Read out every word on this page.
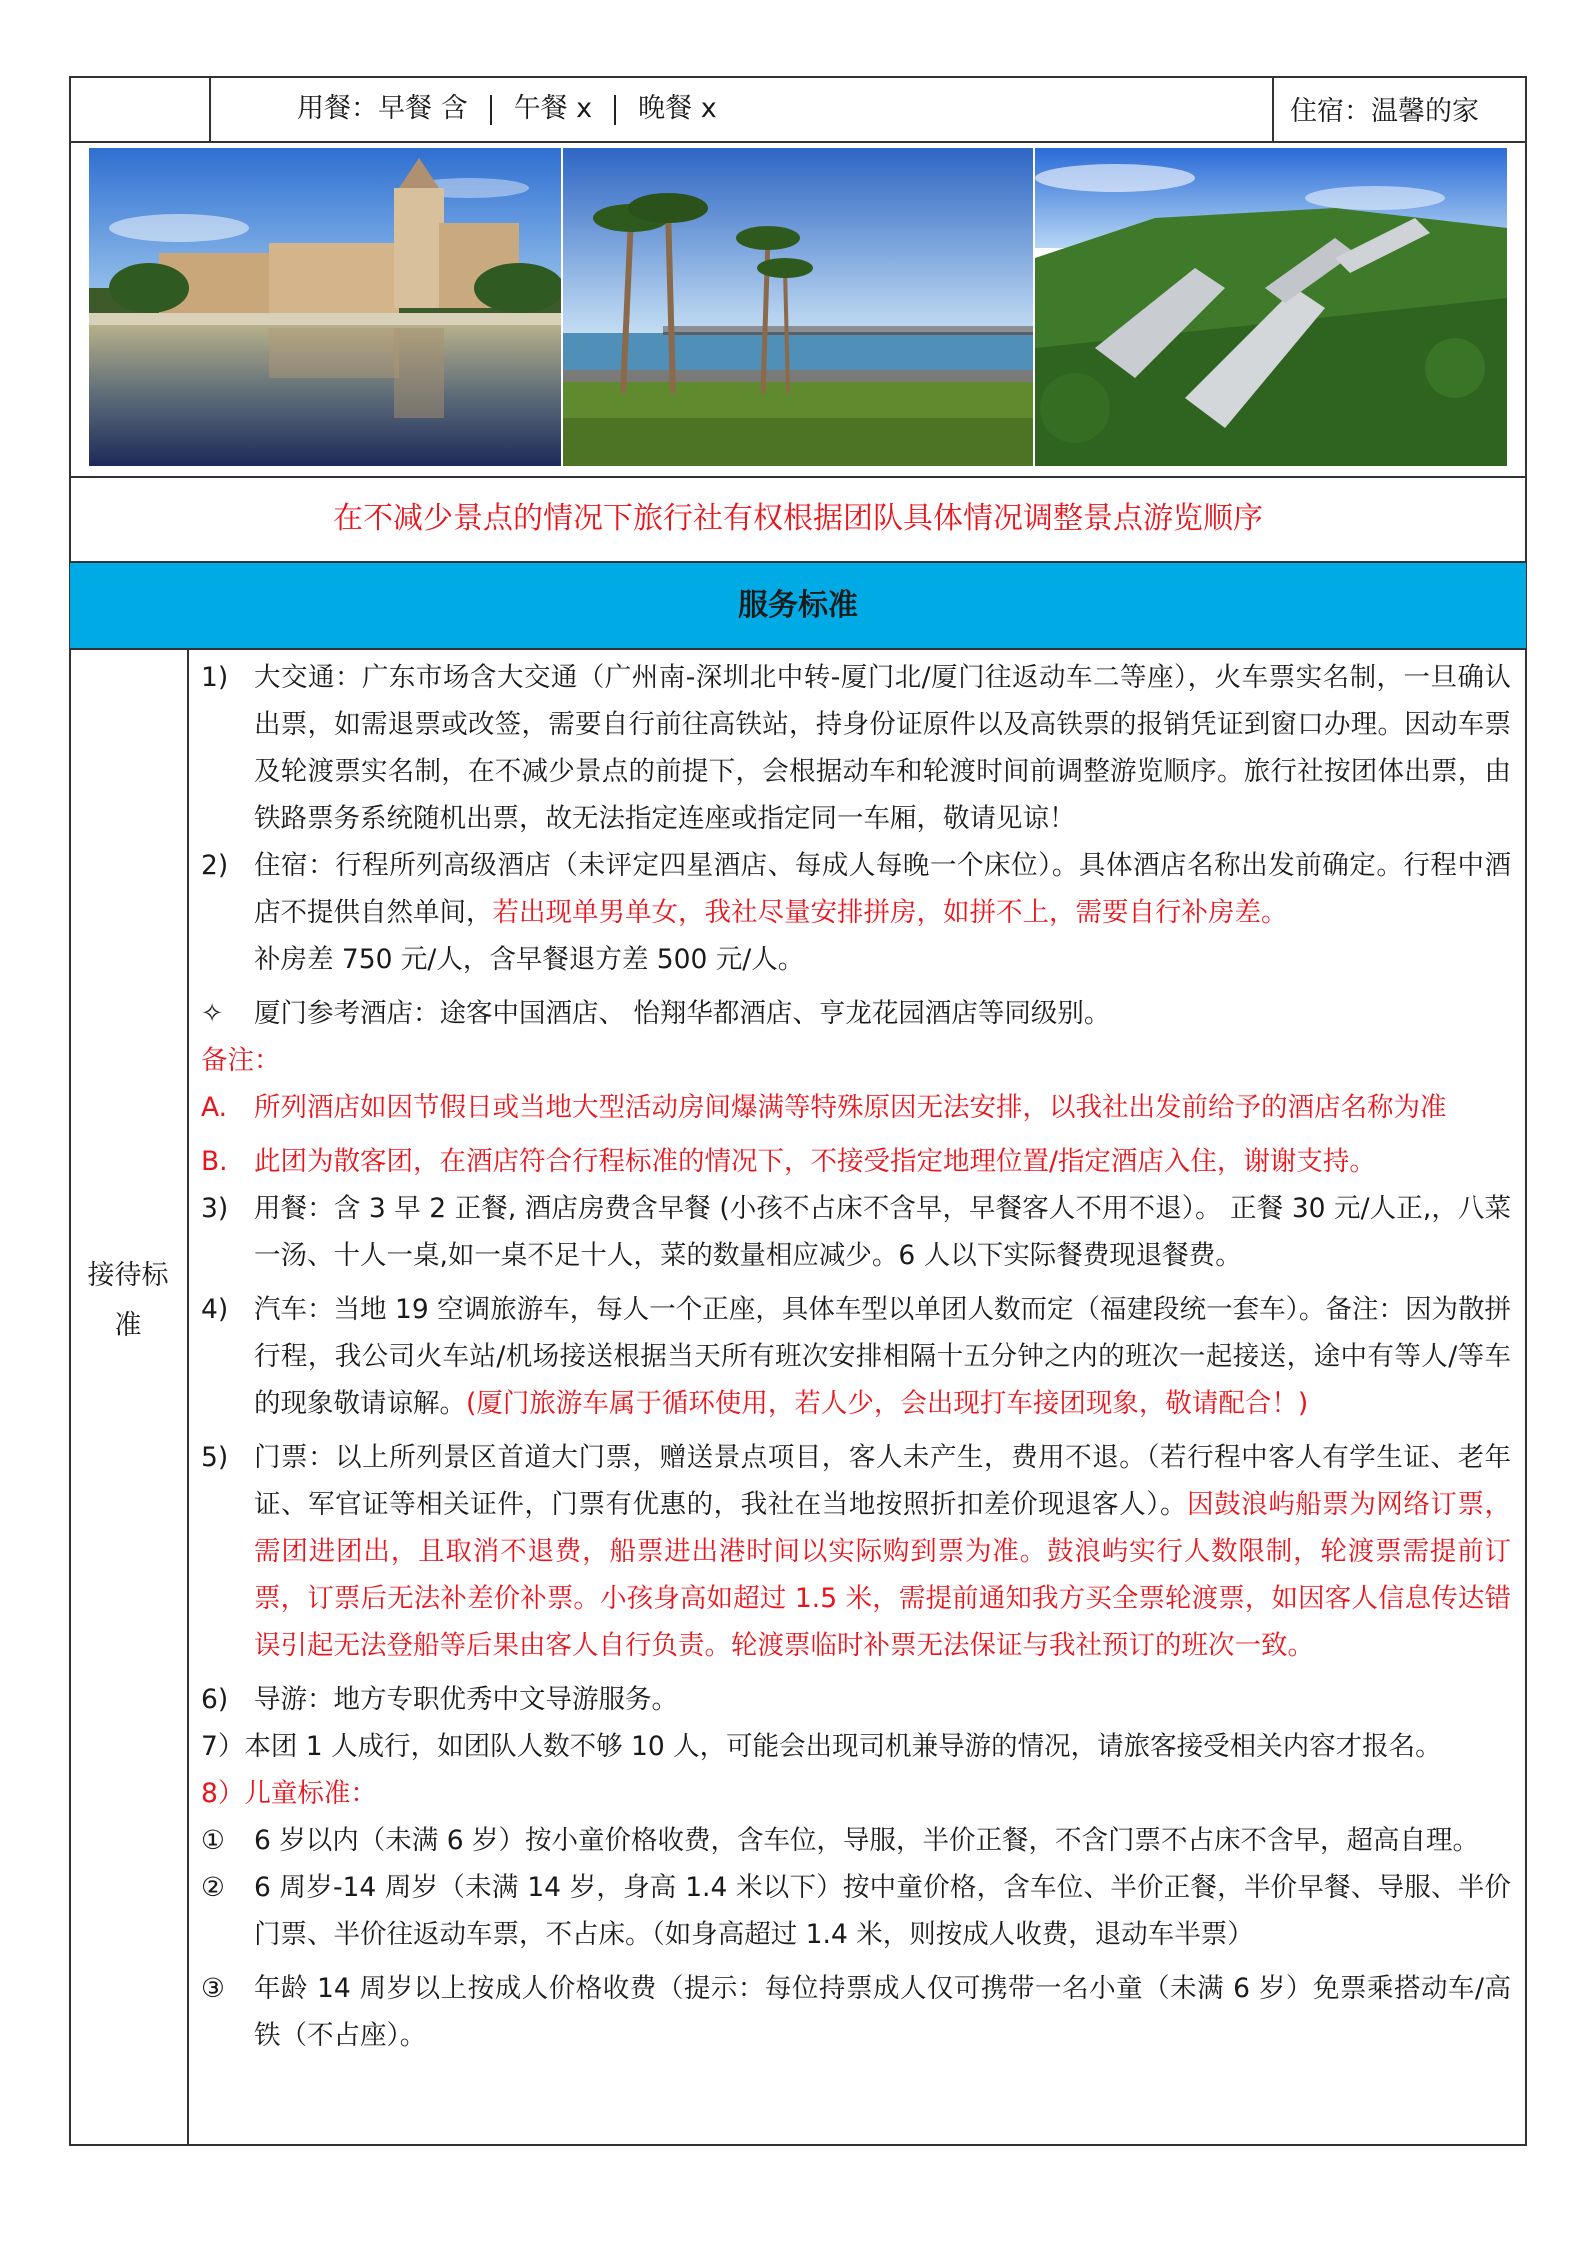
用餐：早餐 含 午餐 x 晚餐 x	住宿：温馨的家
在不减少景点的情况下旅行社有权根据团队具体情况调整景点游览顺序
服务标准
接待标准
1) 大交通：广东市场含大交通（广州南-深圳北中转-厦门北/厦门往返动车二等座），火车票实名制，一旦确认出票，如需退票或改签，需要自行前往高铁站，持身份证原件以及高铁票的报销凭证到窗口办理。因动车票及轮渡票实名制，在不减少景点的前提下，会根据动车和轮渡时间前调整游览顺序。旅行社按团体出票，由铁路票务系统随机出票，故无法指定连座或指定同一车厢，敬请见谅！
2) 住宿：行程所列高级酒店（未评定四星酒店、每成人每晚一个床位）。具体酒店名称出发前确定。行程中酒店不提供自然单间，若出现单男单女，我社尽量安排拼房，如拼不上，需要自行补房差。
补房差 750 元/人，含早餐退方差 500 元/人。
✧	厦门参考酒店：途客中国酒店、 怡翔华都酒店、亨龙花园酒店等同级别。

备注：

A.	所列酒店如因节假日或当地大型活动房间爆满等特殊原因无法安排，以我社出发前给予的酒店名称为准
B. 此团为散客团，在酒店符合行程标准的情况下，不接受指定地理位置/指定酒店入住，谢谢支持。
3) 用餐：含 3 早 2 正餐, 酒店房费含早餐 (小孩不占床不含早，早餐客人不用不退）。 正餐 30 元/人正,，八菜一汤、十人一桌,如一桌不足十人，菜的数量相应减少。6 人以下实际餐费现退餐费。
4) 汽车：当地 19 空调旅游车，每人一个正座，具体车型以单团人数而定（福建段统一套车）。备注：因为散拼行程，我公司火车站/机场接送根据当天所有班次安排相隔十五分钟之内的班次一起接送，途中有等人/等车的现象敬请谅解。(厦门旅游车属于循环使用，若人少，会出现打车接团现象，敬请配合！)
5) 门票：以上所列景区首道大门票，赠送景点项目，客人未产生，费用不退。（若行程中客人有学生证、老年证、军官证等相关证件，门票有优惠的，我社在当地按照折扣差价现退客人）。因鼓浪屿船票为网络订票，需团进团出，且取消不退费，船票进出港时间以实际购到票为准。鼓浪屿实行人数限制，轮渡票需提前订票，订票后无法补差价补票。小孩身高如超过 1.5 米，需提前通知我方买全票轮渡票，如因客人信息传达错误引起无法登船等后果由客人自行负责。轮渡票临时补票无法保证与我社预订的班次一致。
6) 导游：地方专职优秀中文导游服务。
7） 本团 1 人成行，如团队人数不够 10 人，可能会出现司机兼导游的情况，请旅客接受相关内容才报名。

8）儿童标准：

①	6 岁以内（未满 6 岁）按小童价格收费，含车位，导服，半价正餐，不含门票不占床不含早，超高自理。
②	6 周岁-14 周岁（未满 14 岁，身高 1.4 米以下）按中童价格，含车位、半价正餐，半价早餐、导服、半价门票、半价往返动车票，不占床。（如身高超过 1.4 米，则按成人收费，退动车半票）
③	年龄 14 周岁以上按成人价格收费（提示：每位持票成人仅可携带一名小童（未满 6 岁）免票乘搭动车/高铁（不占座）。
